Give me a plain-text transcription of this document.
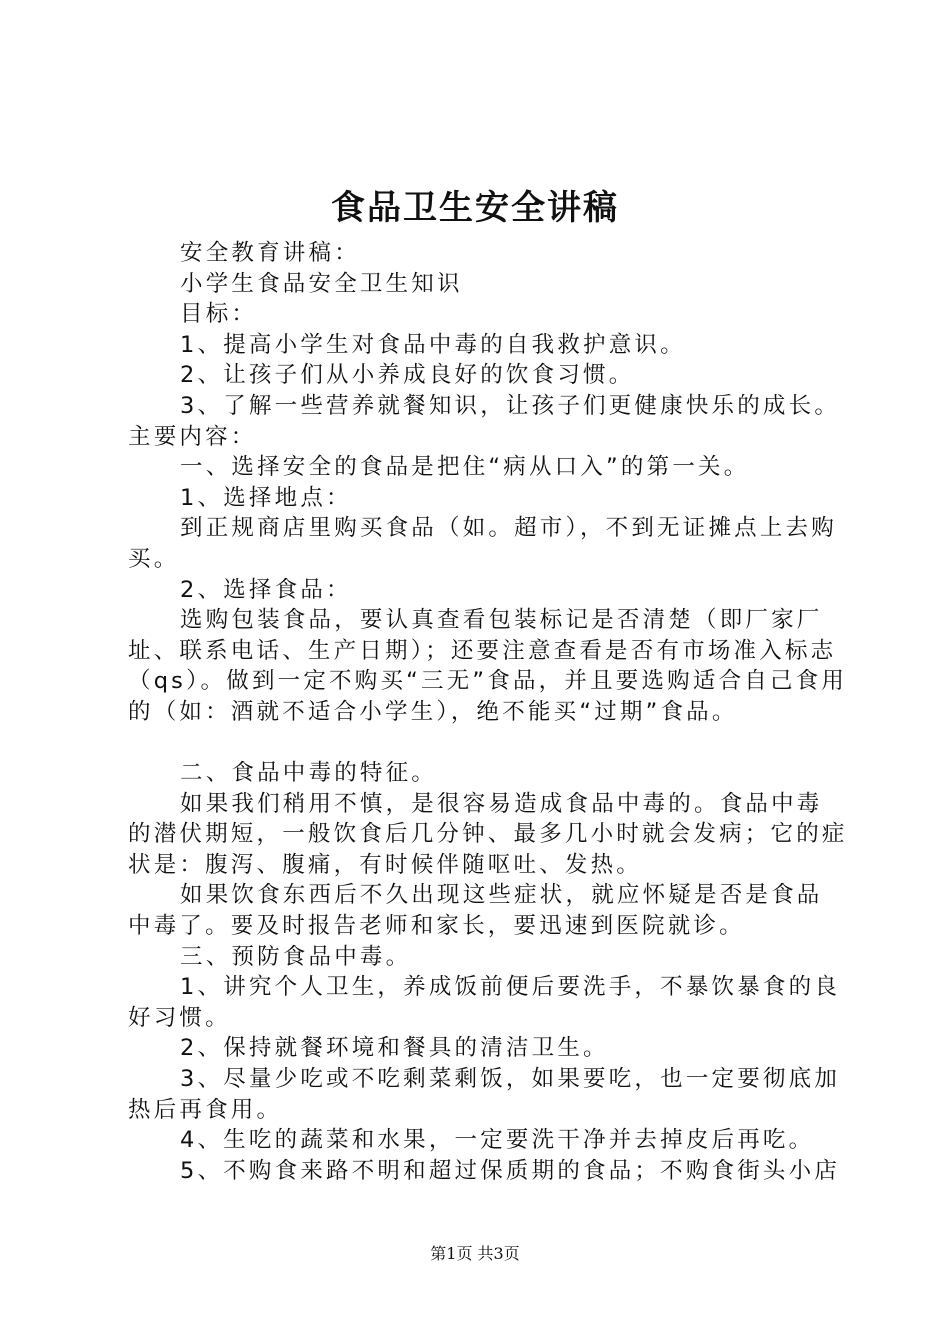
食品卫生安全讲稿

安全教育讲稿：

小学生食品安全卫生知识

目标：

1、提高小学生对食品中毒的自我救护意识。

2、让孩子们从小养成良好的饮食习惯。

3、了解一些营养就餐知识，让孩子们更健康快乐的成长。

主要内容：

一、选择安全的食品是把住“病从口入”的第一关。

1、选择地点：

到正规商店里购买食品（如。超市），不到无证摊点上去购买。

2、选择食品：

选购包装食品，要认真查看包装标记是否清楚（即厂家厂址、联系电话、生产日期）；还要注意查看是否有市场准入标志（qs）。做到一定不购买“三无”食品，并且要选购适合自己食用的（如：酒就不适合小学生），绝不能买“过期”食品。

二、食品中毒的特征。

如果我们稍用不慎，是很容易造成食品中毒的。食品中毒的潜伏期短，一般饮食后几分钟、最多几小时就会发病；它的症状是：腹泻、腹痛，有时候伴随呕吐、发热。

如果饮食东西后不久出现这些症状，就应怀疑是否是食品中毒了。要及时报告老师和家长，要迅速到医院就诊。

三、预防食品中毒。

1、讲究个人卫生，养成饭前便后要洗手，不暴饮暴食的良好习惯。

2、保持就餐环境和餐具的清洁卫生。

3、尽量少吃或不吃剩菜剩饭，如果要吃，也一定要彻底加热后再食用。

4、生吃的蔬菜和水果，一定要洗干净并去掉皮后再吃。

5、不购食来路不明和超过保质期的食品；不购食街头小店

第1页 共3页
